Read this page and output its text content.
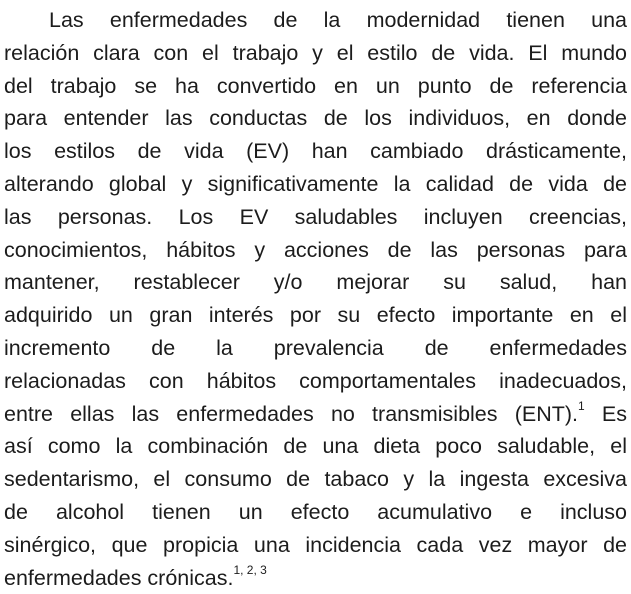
Las enfermedades de la modernidad tienen una
relación clara con el trabajo y el estilo de vida. El mundo
del trabajo se ha convertido en un punto de referencia
para entender las conductas de los individuos, en donde
los estilos de vida (EV) han cambiado drásticamente,
alterando global y significativamente la calidad de vida de
las personas. Los EV saludables incluyen creencias,
conocimientos, hábitos y acciones de las personas para
mantener, restablecer y/o mejorar su salud, han
adquirido un gran interés por su efecto importante en el
incremento de la prevalencia de enfermedades
relacionadas con hábitos comportamentales inadecuados,
entre ellas las enfermedades no transmisibles (ENT).$^1$ Es
así como la combinación de una dieta poco saludable, el
sedentarismo, el consumo de tabaco y la ingesta excesiva
de alcohol tienen un efecto acumulativo e incluso
sinérgico, que propicia una incidencia cada vez mayor de
enfermedades crónicas.$^{1, 2, 3}$
